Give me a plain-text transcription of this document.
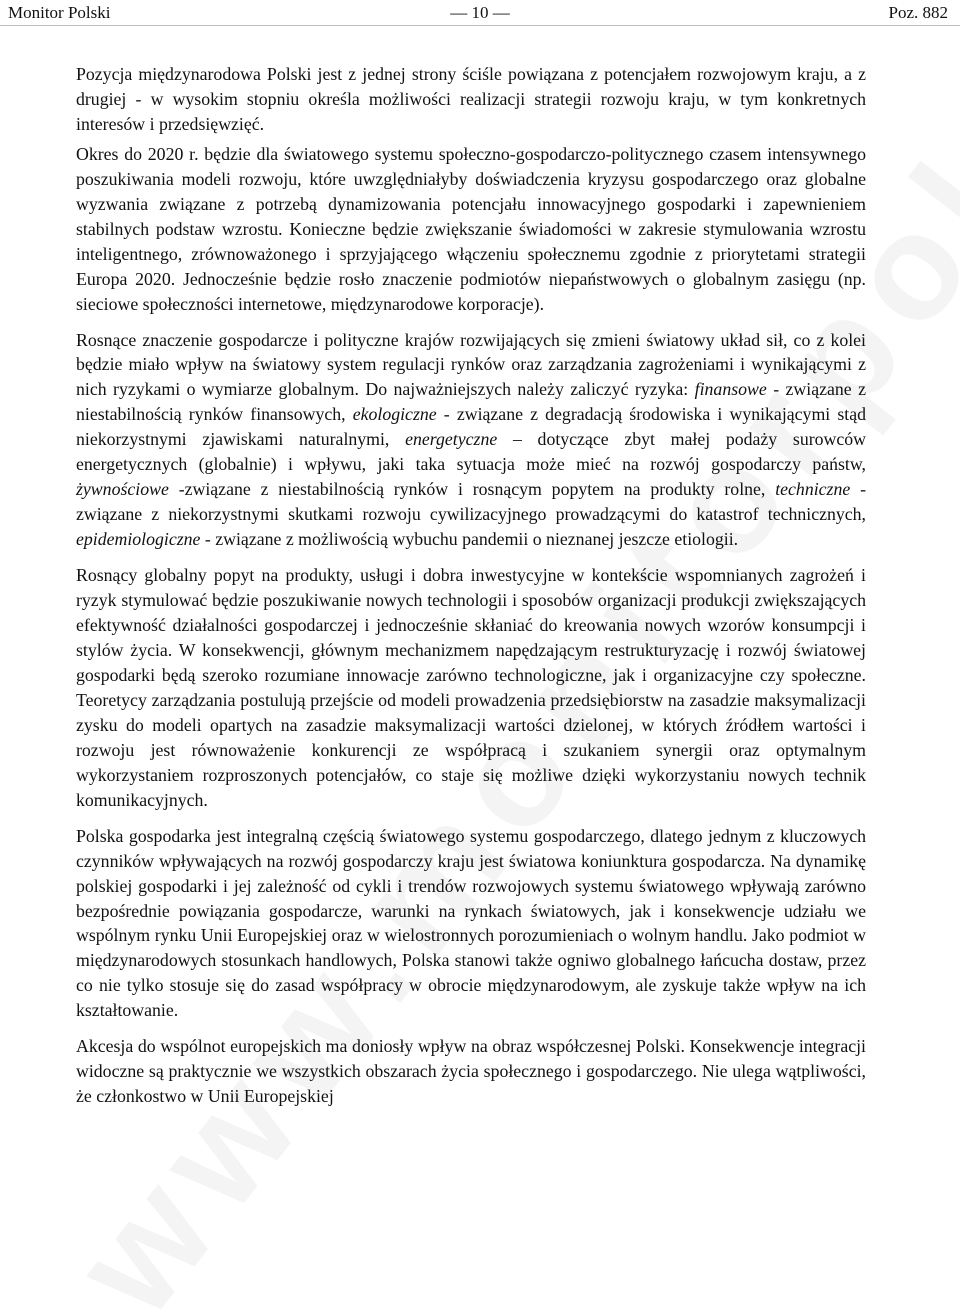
Monitor Polski	— 10 —	Poz. 882

Pozycja międzynarodowa Polski jest z jednej strony ściśle powiązana z potencjałem rozwojowym kraju, a z drugiej - w wysokim stopniu określa możliwości realizacji strategii rozwoju kraju, w tym konkretnych interesów i przedsięwzięć.

Okres do 2020 r. będzie dla światowego systemu społeczno-gospodarczo-politycznego czasem intensywnego poszukiwania modeli rozwoju, które uwzględniałyby doświadczenia kryzysu gospodarczego oraz globalne wyzwania związane z potrzebą dynamizowania potencjału innowacyjnego gospodarki i zapewnieniem stabilnych podstaw wzrostu. Konieczne będzie zwiększanie świadomości w zakresie stymulowania wzrostu inteligentnego, zrównoważonego i sprzyjającego włączeniu społecznemu zgodnie z priorytetami strategii Europa 2020. Jednocześnie będzie rosło znaczenie podmiotów niepaństwowych o globalnym zasięgu (np. sieciowe społeczności internetowe, międzynarodowe korporacje).

Rosnące znaczenie gospodarcze i polityczne krajów rozwijających się zmieni światowy układ sił, co z kolei będzie miało wpływ na światowy system regulacji rynków oraz zarządzania zagrożeniami i wynikającymi z nich ryzykami o wymiarze globalnym. Do najważniejszych należy zaliczyć ryzyka: finansowe - związane z niestabilnością rynków finansowych, ekologiczne - związane z degradacją środowiska i wynikającymi stąd niekorzystnymi zjawiskami naturalnymi, energetyczne – dotyczące zbyt małej podaży surowców energetycznych (globalnie) i wpływu, jaki taka sytuacja może mieć na rozwój gospodarczy państw, żywnościowe -związane z niestabilnością rynków i rosnącym popytem na produkty rolne, techniczne - związane z niekorzystnymi skutkami rozwoju cywilizacyjnego prowadzącymi do katastrof technicznych, epidemiologiczne - związane z możliwością wybuchu pandemii o nieznanej jeszcze etiologii.

Rosnący globalny popyt na produkty, usługi i dobra inwestycyjne w kontekście wspomnianych zagrożeń i ryzyk stymulować będzie poszukiwanie nowych technologii i sposobów organizacji produkcji zwiększających efektywność działalności gospodarczej i jednocześnie skłaniać do kreowania nowych wzorów konsumpcji i stylów życia. W konsekwencji, głównym mechanizmem napędzającym restrukturyzację i rozwój światowej gospodarki będą szeroko rozumiane innowacje zarówno technologiczne, jak i organizacyjne czy społeczne. Teoretycy zarządzania postulują przejście od modeli prowadzenia przedsiębiorstw na zasadzie maksymalizacji zysku do modeli opartych na zasadzie maksymalizacji wartości dzielonej, w których źródłem wartości i rozwoju jest równoważenie konkurencji ze współpracą i szukaniem synergii oraz optymalnym wykorzystaniem rozproszonych potencjałów, co staje się możliwe dzięki wykorzystaniu nowych technik komunikacyjnych.

Polska gospodarka jest integralną częścią światowego systemu gospodarczego, dlatego jednym z kluczowych czynników wpływających na rozwój gospodarczy kraju jest światowa koniunktura gospodarcza. Na dynamikę polskiej gospodarki i jej zależność od cykli i trendów rozwojowych systemu światowego wpływają zarówno bezpośrednie powiązania gospodarcze, warunki na rynkach światowych, jak i konsekwencje udziału we wspólnym rynku Unii Europejskiej oraz w wielostronnych porozumieniach o wolnym handlu. Jako podmiot w międzynarodowych stosunkach handlowych, Polska stanowi także ogniwo globalnego łańcucha dostaw, przez co nie tylko stosuje się do zasad współpracy w obrocie międzynarodowym, ale zyskuje także wpływ na ich kształtowanie.

Akcesja do wspólnot europejskich ma doniosły wpływ na obraz współczesnej Polski. Konsekwencje integracji widoczne są praktycznie we wszystkich obszarach życia społecznego i gospodarczego. Nie ulega wątpliwości, że członkostwo w Unii Europejskiej
